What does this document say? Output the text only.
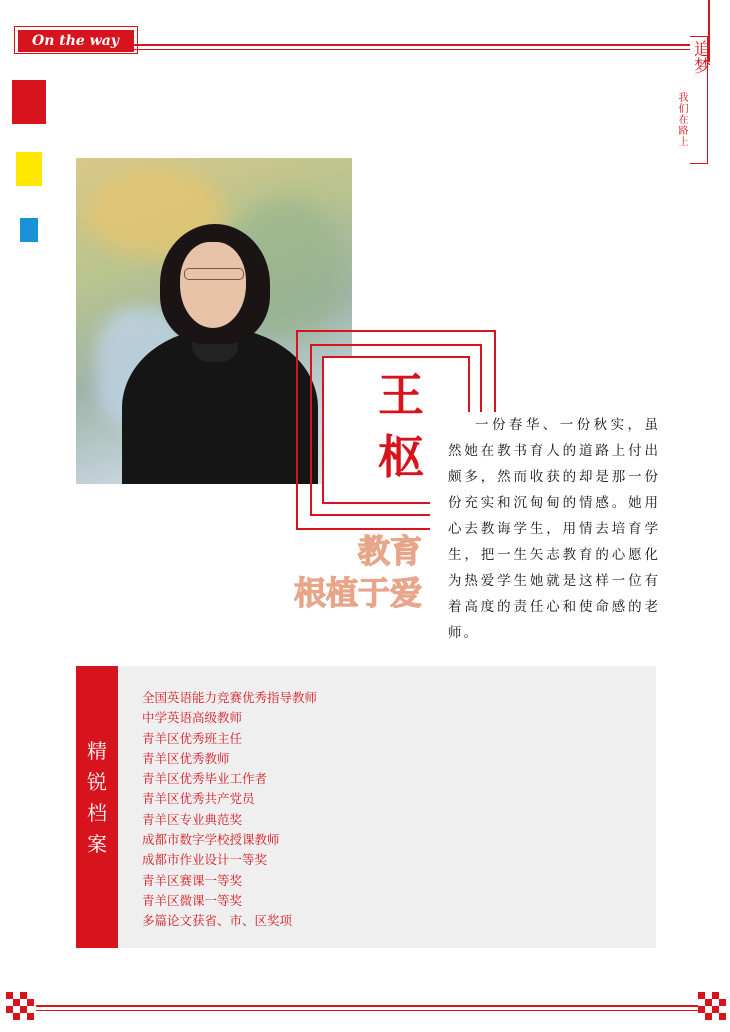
On the way	追梦
我们在路上
王 枢
一份春华、一份秋实，虽然她在教书育人的道路上付出颇多，然而收获的却是那一份份充实和沉甸甸的情感。她用心去教诲学生，用情去培育学生，把一生矢志教育的心愿化为热爱学生她就是这样一位有着高度的责任心和使命感的老师。
教育
根植于爱
精
锐
档
案
全国英语能力竞赛优秀指导教师
中学英语高级教师
青羊区优秀班主任
青羊区优秀教师
青羊区优秀毕业工作者
青羊区优秀共产党员
青羊区专业典范奖
成都市数字学校授课教师
成都市作业设计一等奖
青羊区赛课一等奖
青羊区微课一等奖
多篇论文获省、市、区奖项
